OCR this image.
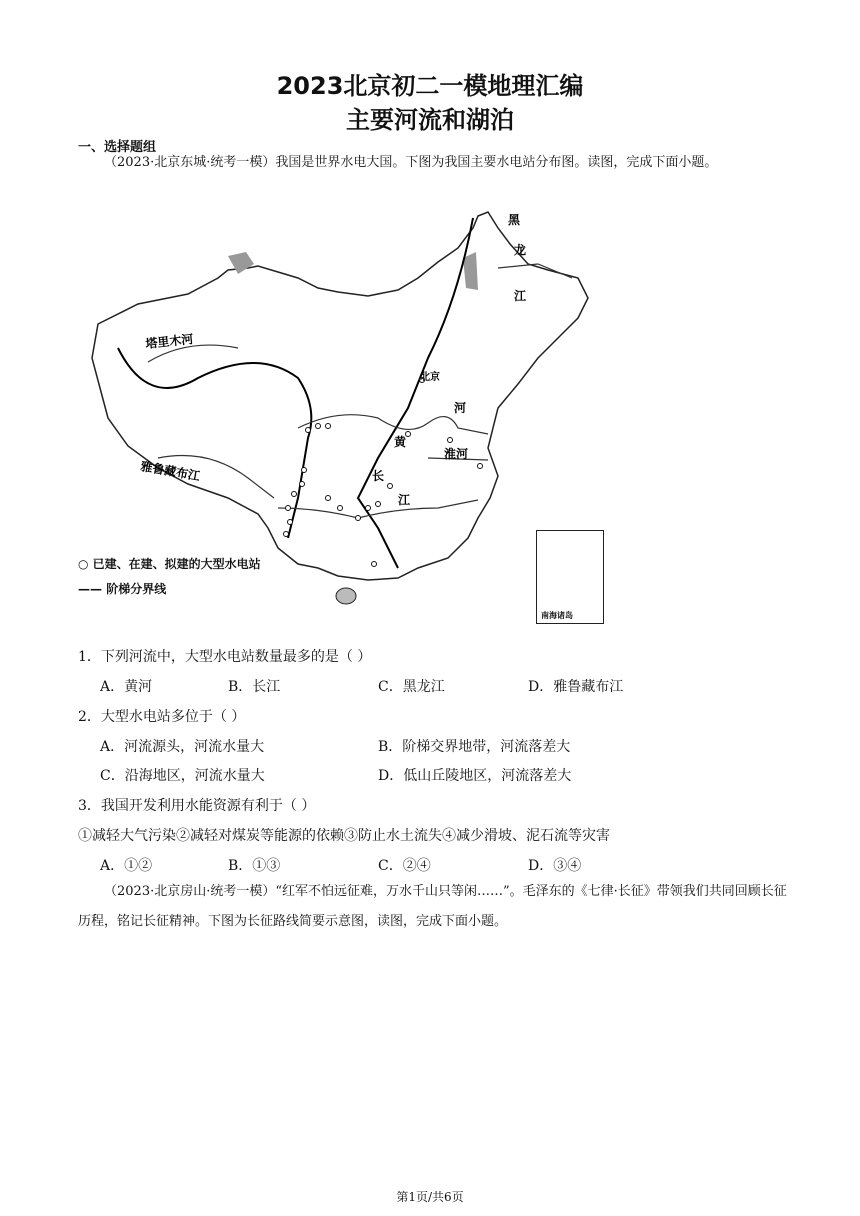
2023北京初二一模地理汇编
主要河流和湖泊
一、选择题组
（2023·北京东城·统考一模）我国是世界水电大国。下图为我国主要水电站分布图。读图，完成下面小题。
塔里木河
雅鲁藏布江
黄
河
淮河
长
江
黑
龙
江
北京
南海诸岛
○ 已建、在建、拟建的大型水电站
—— 阶梯分界线
1．下列河流中，大型水电站数量最多的是（ ）
A．黄河	B．长江	C．黑龙江	D．雅鲁藏布江
2．大型水电站多位于（ ）
A．河流源头，河流水量大	B．阶梯交界地带，河流落差大
C．沿海地区，河流水量大	D．低山丘陵地区，河流落差大
3．我国开发利用水能资源有利于（ ）
①减轻大气污染②减轻对煤炭等能源的依赖③防止水土流失④减少滑坡、泥石流等灾害
A．①②	B．①③	C．②④	D．③④
（2023·北京房山·统考一模）“红军不怕远征难，万水千山只等闲……”。毛泽东的《七律·长征》带领我们共同回顾长征历程，铭记长征精神。下图为长征路线简要示意图，读图，完成下面小题。
第1页/共6页
